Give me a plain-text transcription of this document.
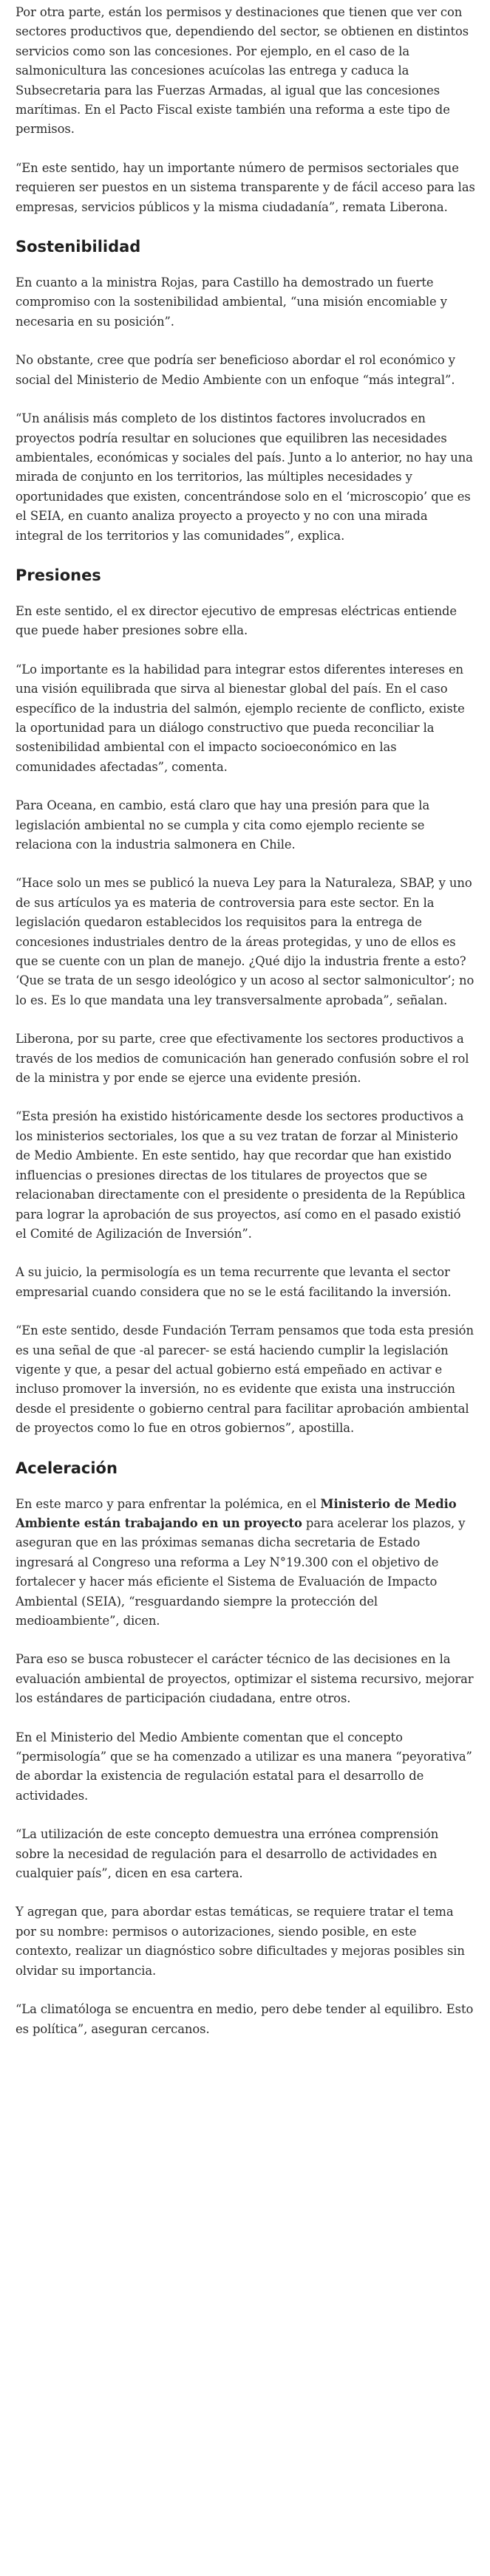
Por otra parte, están los permisos y destinaciones que tienen que ver con sectores productivos que, dependiendo del sector, se obtienen en distintos servicios como son las concesiones. Por ejemplo, en el caso de la salmonicultura las concesiones acuícolas las entrega y caduca la Subsecretaria para las Fuerzas Armadas, al igual que las concesiones marítimas. En el Pacto Fiscal existe también una reforma a este tipo de permisos.

“En este sentido, hay un importante número de permisos sectoriales que requieren ser puestos en un sistema transparente y de fácil acceso para las empresas, servicios públicos y la misma ciudadanía”, remata Liberona.

Sostenibilidad

En cuanto a la ministra Rojas, para Castillo ha demostrado un fuerte compromiso con la sostenibilidad ambiental, “una misión encomiable y necesaria en su posición”.

No obstante, cree que podría ser beneficioso abordar el rol económico y social del Ministerio de Medio Ambiente con un enfoque “más integral”.

“Un análisis más completo de los distintos factores involucrados en proyectos podría resultar en soluciones que equilibren las necesidades ambientales, económicas y sociales del país. Junto a lo anterior, no hay una mirada de conjunto en los territorios, las múltiples necesidades y oportunidades que existen, concentrándose solo en el ‘microscopio’ que es el SEIA, en cuanto analiza proyecto a proyecto y no con una mirada integral de los territorios y las comunidades”, explica.

Presiones

En este sentido, el ex director ejecutivo de empresas eléctricas entiende que puede haber presiones sobre ella.

“Lo importante es la habilidad para integrar estos diferentes intereses en una visión equilibrada que sirva al bienestar global del país. En el caso específico de la industria del salmón, ejemplo reciente de conflicto, existe la oportunidad para un diálogo constructivo que pueda reconciliar la sostenibilidad ambiental con el impacto socioeconómico en las comunidades afectadas”, comenta.

Para Oceana, en cambio, está claro que hay una presión para que la legislación ambiental no se cumpla y cita como ejemplo reciente se relaciona con la industria salmonera en Chile.

“Hace solo un mes se publicó la nueva Ley para la Naturaleza, SBAP, y uno de sus artículos ya es materia de controversia para este sector. En la legislación quedaron establecidos los requisitos para la entrega de concesiones industriales dentro de la áreas protegidas, y uno de ellos es que se cuente con un plan de manejo. ¿Qué dijo la industria frente a esto? ‘Que se trata de un sesgo ideológico y un acoso al sector salmonicultor’; no lo es. Es lo que mandata una ley transversalmente aprobada”, señalan.

Liberona, por su parte, cree que efectivamente los sectores productivos a través de los medios de comunicación han generado confusión sobre el rol de la ministra y por ende se ejerce una evidente presión.

“Esta presión ha existido históricamente desde los sectores productivos a los ministerios sectoriales, los que a su vez tratan de forzar al Ministerio de Medio Ambiente. En este sentido, hay que recordar que han existido influencias o presiones directas de los titulares de proyectos que se relacionaban directamente con el presidente o presidenta de la República para lograr la aprobación de sus proyectos, así como en el pasado existió el Comité de Agilización de Inversión”.

A su juicio, la permisología es un tema recurrente que levanta el sector empresarial cuando considera que no se le está facilitando la inversión.

“En este sentido, desde Fundación Terram pensamos que toda esta presión es una señal de que -al parecer- se está haciendo cumplir la legislación vigente y que, a pesar del actual gobierno está empeñado en activar e incluso promover la inversión, no es evidente que exista una instrucción desde el presidente o gobierno central para facilitar aprobación ambiental de proyectos como lo fue en otros gobiernos”, apostilla.

Aceleración

En este marco y para enfrentar la polémica, en el Ministerio de Medio Ambiente están trabajando en un proyecto para acelerar los plazos, y aseguran que en las próximas semanas dicha secretaria de Estado ingresará al Congreso una reforma a Ley N°19.300 con el objetivo de fortalecer y hacer más eficiente el Sistema de Evaluación de Impacto Ambiental (SEIA), “resguardando siempre la protección del medioambiente”, dicen.

Para eso se busca robustecer el carácter técnico de las decisiones en la evaluación ambiental de proyectos, optimizar el sistema recursivo, mejorar los estándares de participación ciudadana, entre otros.

En el Ministerio del Medio Ambiente comentan que el concepto “permisología” que se ha comenzado a utilizar es una manera “peyorativa” de abordar la existencia de regulación estatal para el desarrollo de actividades.

“La utilización de este concepto demuestra una errónea comprensión sobre la necesidad de regulación para el desarrollo de actividades en cualquier país”, dicen en esa cartera.

Y agregan que, para abordar estas temáticas, se requiere tratar el tema por su nombre: permisos o autorizaciones, siendo posible, en este contexto, realizar un diagnóstico sobre dificultades y mejoras posibles sin olvidar su importancia.

“La climatóloga se encuentra en medio, pero debe tender al equilibro. Esto es política”, aseguran cercanos.
